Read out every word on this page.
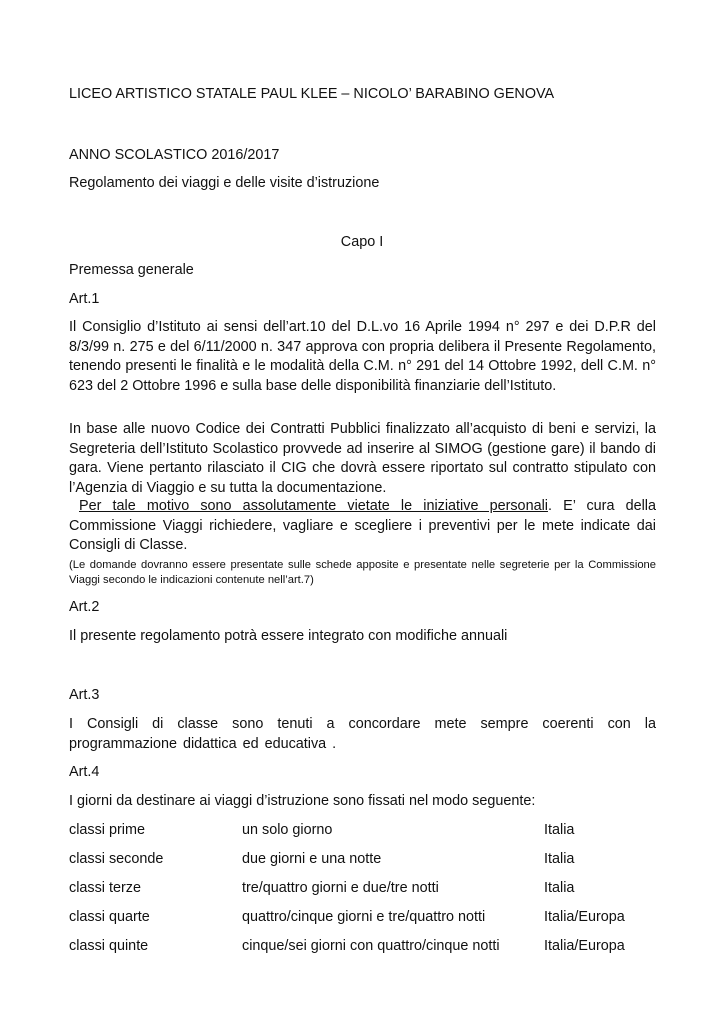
LICEO ARTISTICO STATALE PAUL KLEE – NICOLO’ BARABINO GENOVA
ANNO SCOLASTICO 2016/2017
Regolamento dei viaggi e delle visite d’istruzione
Capo I
Premessa generale
Art.1
Il Consiglio d’Istituto ai sensi dell’art.10 del D.L.vo 16 Aprile 1994 n° 297 e dei D.P.R del 8/3/99 n. 275 e del 6/11/2000 n. 347 approva con propria delibera il Presente Regolamento, tenendo presenti le finalità e le modalità della C.M. n° 291 del 14 Ottobre 1992, dell C.M. n° 623 del 2 Ottobre 1996 e sulla base delle disponibilità finanziarie dell’Istituto.
In base alle nuovo Codice dei Contratti Pubblici finalizzato all’acquisto di beni e servizi, la Segreteria dell’Istituto Scolastico provvede ad inserire al SIMOG (gestione gare) il bando di gara. Viene pertanto rilasciato il CIG che dovrà essere riportato sul contratto stipulato con l’Agenzia di Viaggio e su tutta la documentazione.
Per tale motivo sono assolutamente vietate le iniziative personali. E’ cura della Commissione Viaggi richiedere, vagliare e scegliere i preventivi per le mete indicate dai Consigli di Classe.
(Le domande dovranno essere presentate sulle schede apposite e presentate nelle segreterie per la Commissione Viaggi secondo le indicazioni contenute nell’art.7)
Art.2
Il presente regolamento potrà essere integrato con modifiche annuali
Art.3
I Consigli di classe sono tenuti a concordare mete sempre coerenti con la programmazione didattica ed educativa .
Art.4
I giorni da destinare ai viaggi d’istruzione sono fissati nel modo seguente:
classi prime	un solo giorno	Italia
classi seconde	due giorni e una notte	Italia
classi terze	tre/quattro giorni e due/tre notti	Italia
classi quarte	quattro/cinque giorni e tre/quattro notti	Italia/Europa
classi quinte	cinque/sei giorni con quattro/cinque notti	Italia/Europa
